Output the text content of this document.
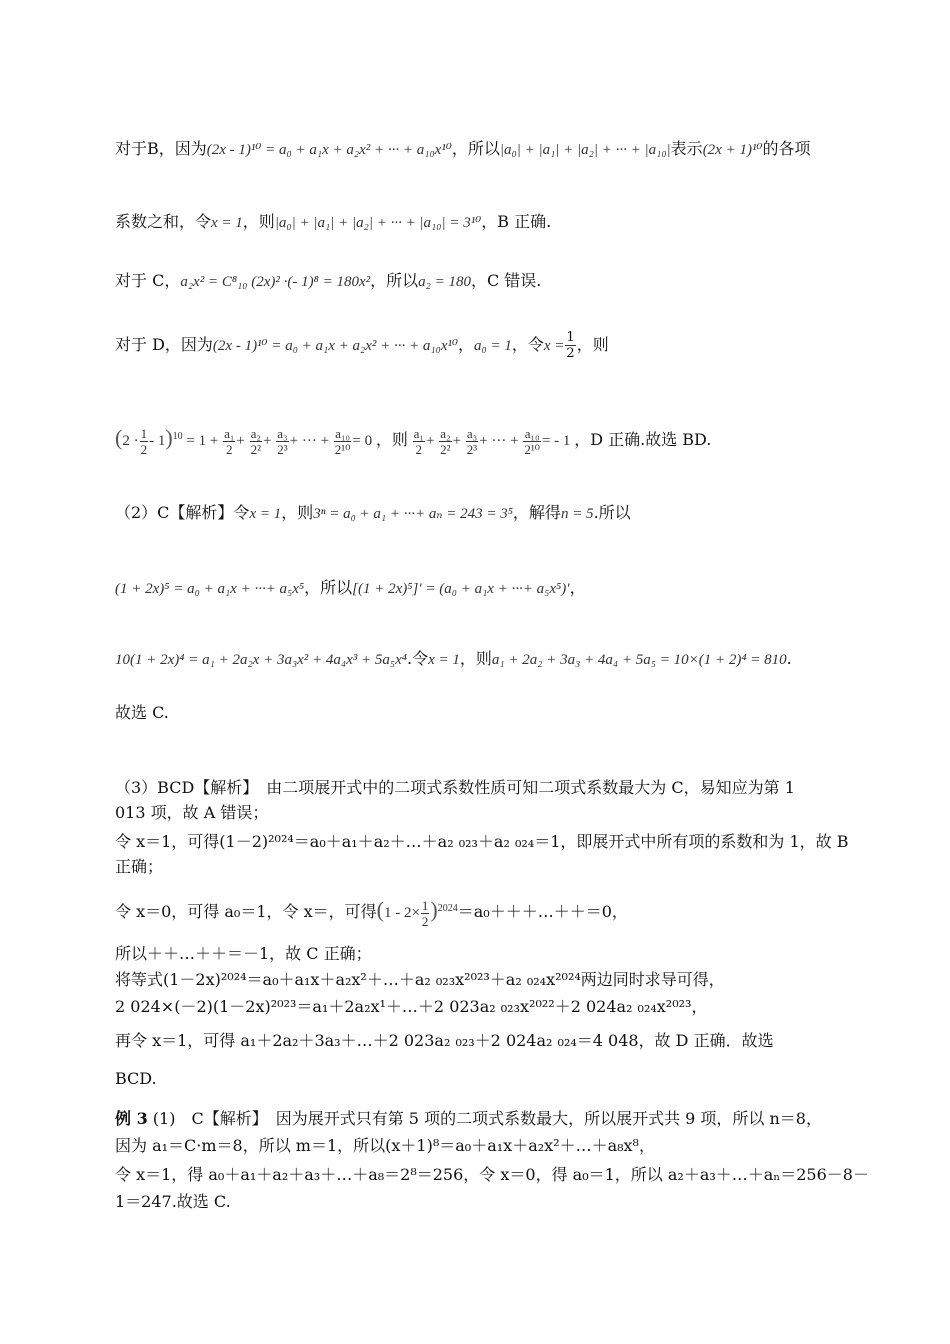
对于B，因为(2x - 1)¹⁰ = a₀ + a₁x + a₂x² + ··· + a₁₀x¹⁰，所以|a₀| + |a₁| + |a₂| + ··· + |a₁₀|表示(2x + 1)¹⁰的各项
系数之和，令x = 1，则|a₀| + |a₁| + |a₂| + ··· + |a₁₀| = 3¹⁰，B 正确.
对于 C，a₂x² = C⁸₁₀ (2x)² ·(- 1)⁸ = 180x²，所以a₂ = 180，C 错误.
对于 D，因为(2x - 1)¹⁰ = a₀ + a₁x + a₂x² + ··· + a₁₀x¹⁰，a₀ = 1，令$x = \frac{1}{2}$ ，则
$(2 \cdot \frac{1}{2} - 1)^{10} = 1 + \frac{\text{a₁}}{2} + \frac{\text{a₂}}{\text{2²}} + \frac{\text{a₃}}{\text{2³}}$ + ··· + $\frac{\text{a₁₀}}{\text{2¹⁰}} = 0$ ，则 $\frac{\text{a₁}}{2} + \frac{\text{a₂}}{\text{2²}} + \frac{\text{a₃}}{\text{2³}}$ + ··· + $\frac{\text{a₁₀}}{\text{2¹⁰}}$ = - 1 ，D 正确.故选 BD.
（2）C【解析】令x = 1，则3ⁿ = a₀ + a₁ + ···+ aₙ = 243 = 3⁵，解得n = 5.所以
(1 + 2x)⁵ = a₀ + a₁x + ···+ a₅x⁵，所以[(1 + 2x)⁵]′ = (a₀ + a₁x + ···+ a₅x⁵)′，
10(1 + 2x)⁴ = a₁ + 2a₂x + 3a₃x² + 4a₄x³ + 5a₅x⁴.令x = 1，则a₁ + 2a₂ + 3a₃ + 4a₄ + 5a₅ = 10×(1 + 2)⁴ = 810.
故选 C.
（3）BCD【解析】　由二项展开式中的二项式系数性质可知二项式系数最大为 C，易知应为第 1
013 项，故 A 错误；
令 x＝1，可得(1－2)²⁰²⁴＝a₀＋a₁＋a₂＋…＋a₂ ₀₂₃＋a₂ ₀₂₄＝1，即展开式中所有项的系数和为 1，故 B
正确；
令 x＝0，可得 a₀＝1，令 x＝，可得($1 - 2\times \frac{1}{2}$ )$^{2024}=a_0+++\dots++=0$，
所以＋＋…＋＋＝－1，故 C 正确；
将等式(1－2x)²⁰²⁴＝a₀＋a₁x＋a₂x²＋…＋a₂ ₀₂₃x²⁰²³＋a₂ ₀₂₄x²⁰²⁴两边同时求导可得，
2 024×(－2)(1－2x)²⁰²³＝a₁＋2a₂x¹＋…＋2 023a₂ ₀₂₃x²⁰²²＋2 024a₂ ₀₂₄x²⁰²³，
再令 x＝1，可得 a₁＋2a₂＋3a₃＋…＋2 023a₂ ₀₂₃＋2 024a₂ ₀₂₄＝4 048，故 D 正确．故选
BCD.
例 3 (1)　C【解析】　因为展开式只有第 5 项的二项式系数最大，所以展开式共 9 项，所以 n＝8，
因为 a₁＝C·m＝8，所以 m＝1，所以(x＋1)⁸＝a₀＋a₁x＋a₂x²＋…＋a₈x⁸，
令 x＝1，得 a₀＋a₁＋a₂＋a₃＋…＋a₈＝2⁸＝256，令 x＝0，得 a₀＝1，所以 a₂＋a₃＋…＋aₙ＝256－8－
1＝247.故选 C.
